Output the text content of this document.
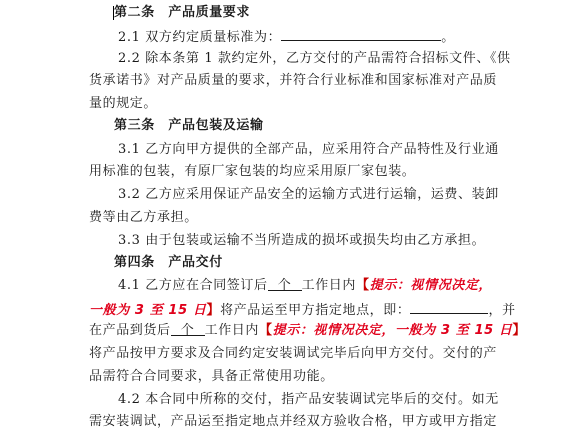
第二条　产品质量要求
2.1 双方约定质量标准为：	。
2.2 除本条第 1 款约定外，乙方交付的产品需符合招标文件、《供
货承诺书》对产品质量的要求，并符合行业标准和国家标准对产品质
量的规定。
第三条　产品包装及运输
3.1 乙方向甲方提供的全部产品，应采用符合产品特性及行业通
用标准的包装，有原厂家包装的均应采用原厂家包装。
3.2 乙方应采用保证产品安全的运输方式进行运输，运费、装卸
费等由乙方承担。
3.3 由于包装或运输不当所造成的损坏或损失均由乙方承担。
第四条　产品交付
4.1 乙方应在合同签订后 个 工作日内【提示：视情况决定，
一般为 3 至 15 日】将产品运至甲方指定地点，即：	，并
在产品到货后 个 工作日内【提示：视情况决定，一般为 3 至 15 日】
将产品按甲方要求及合同约定安装调试完毕后向甲方交付。交付的产
品需符合合同要求，具备正常使用功能。
4.2 本合同中所称的交付，指产品安装调试完毕后的交付。如无
需安装调试，产品运至指定地点并经双方验收合格，甲方或甲方指定
